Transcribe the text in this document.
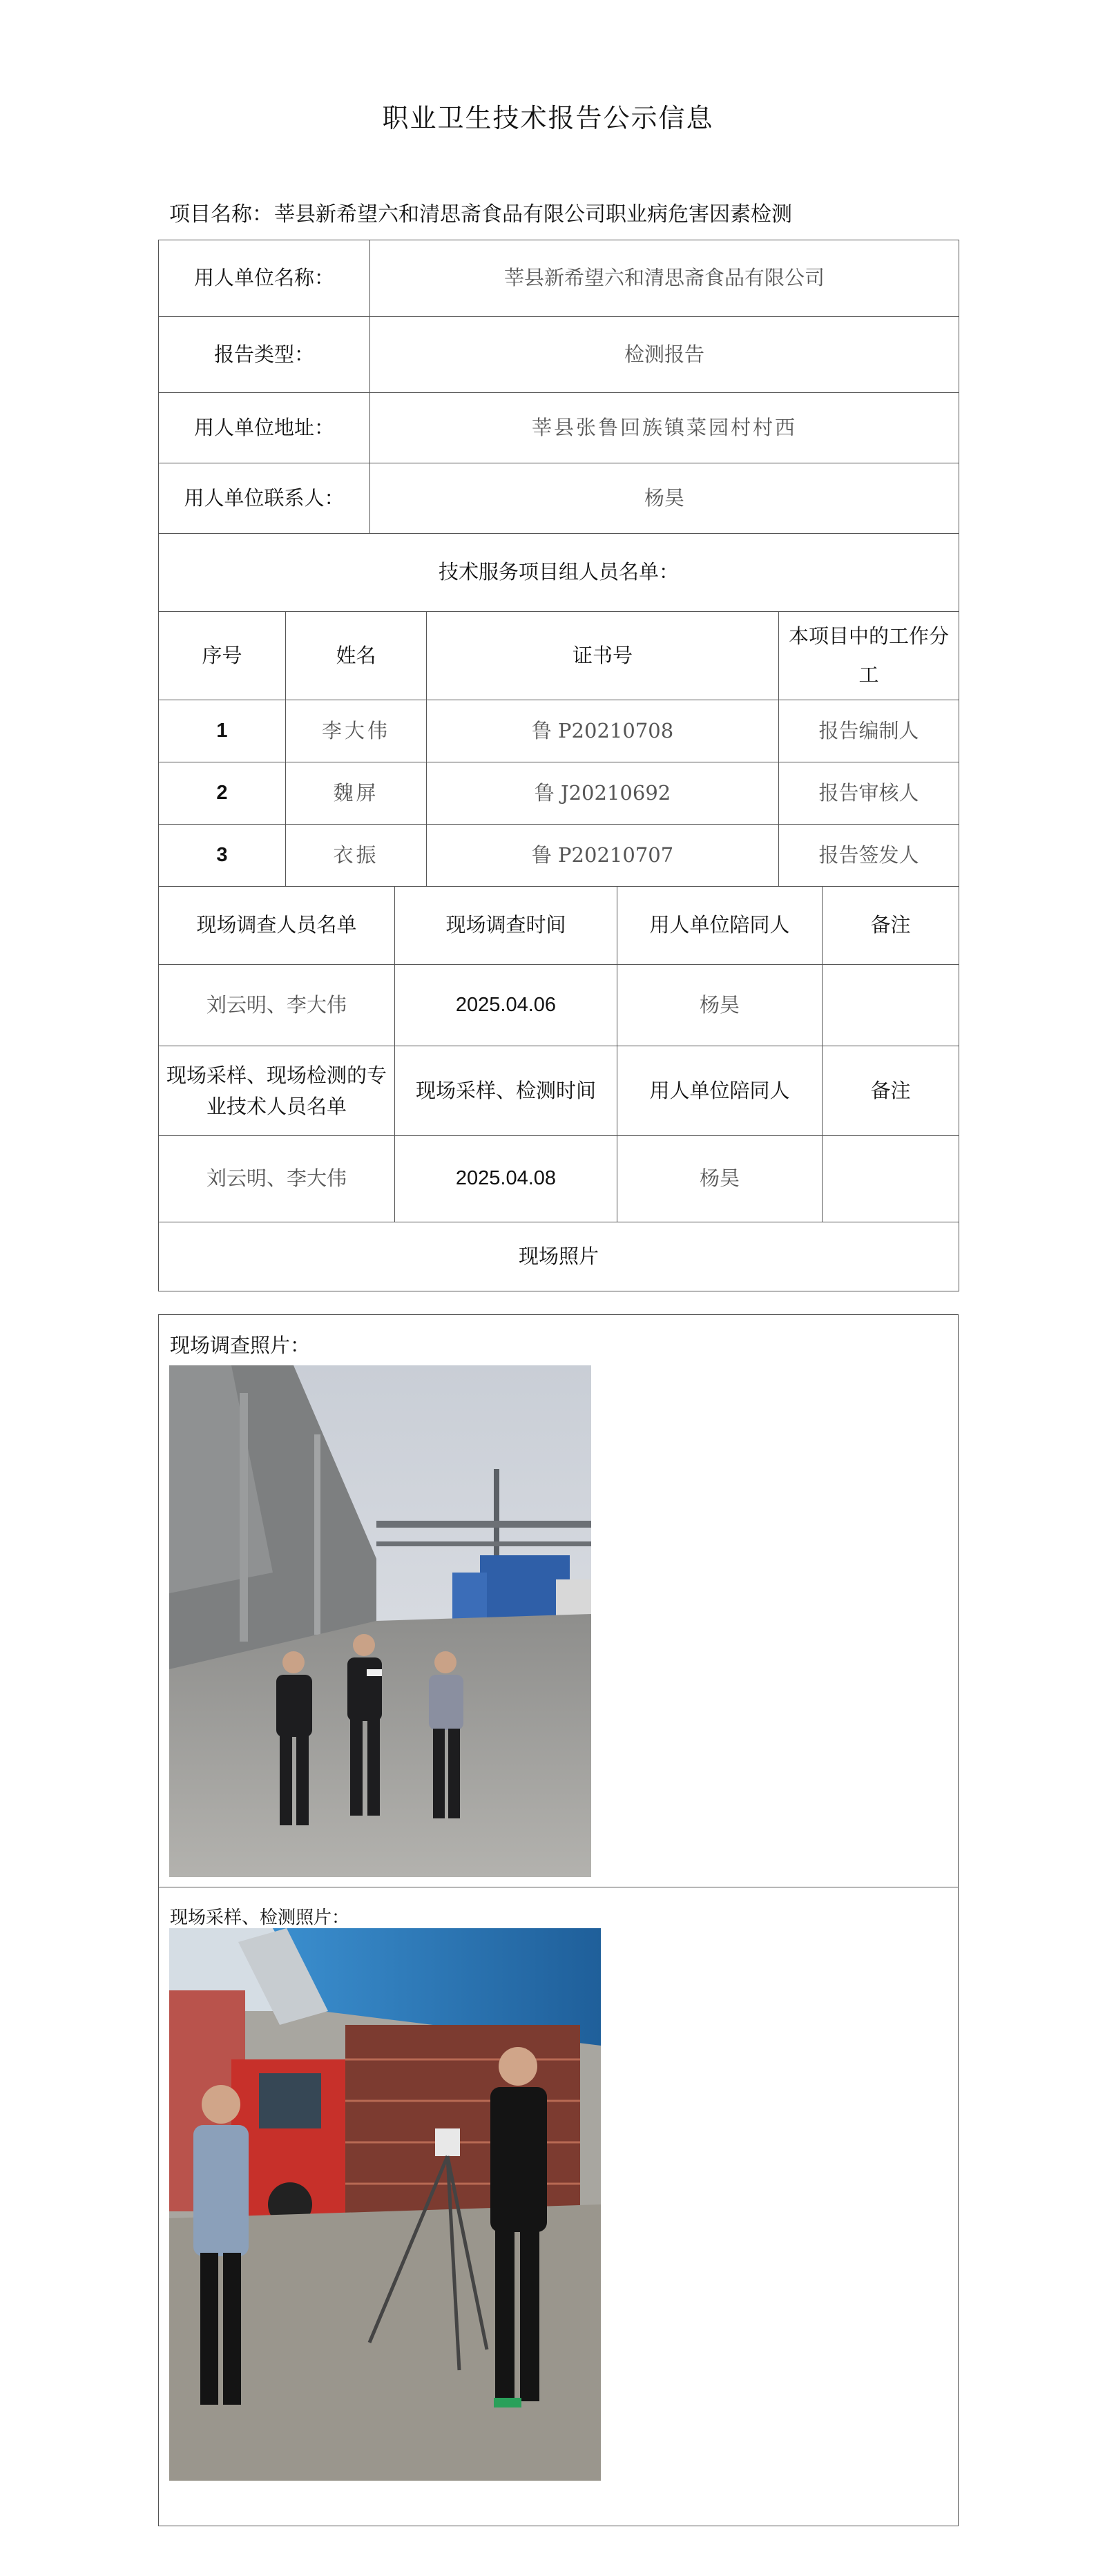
职业卫生技术报告公示信息
项目名称：莘县新希望六和清思斋食品有限公司职业病危害因素检测
用人单位名称：	莘县新希望六和清思斋食品有限公司
报告类型：	检测报告
用人单位地址：	莘县张鲁回族镇菜园村村西
用人单位联系人：	杨昊
技术服务项目组人员名单：	
序号	姓名	证书号	本项目中的工作分工
1	李大伟	鲁 P20210708	报告编制人
2	魏屏	鲁 J20210692	报告审核人
3	衣振	鲁 P20210707	报告签发人
现场调查人员名单	现场调查时间	用人单位陪同人	备注
刘云明、李大伟	2025.04.06	杨昊	
现场采样、现场检测的专业技术人员名单	现场采样、检测时间	用人单位陪同人	备注
刘云明、李大伟	2025.04.08	杨昊	
现场照片			
现场调查照片：
现场采样、检测照片：
